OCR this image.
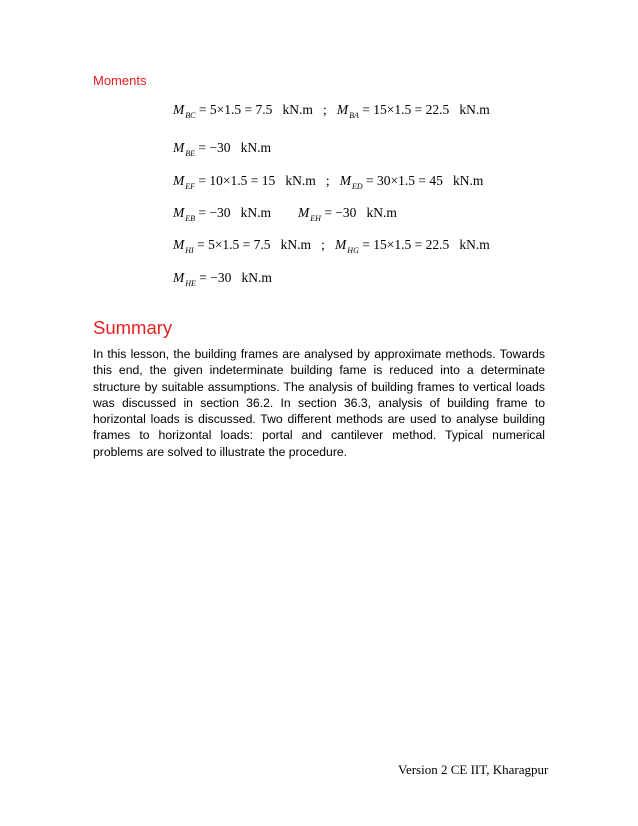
Moments
$M_{BC} = 5\times 1.5 = 7.5$   kN.m   ;   $M_{BA} = 15\times 1.5 = 22.5$   kN.m
$M_{BE} = -30$   kN.m
$M_{EF} = 10\times 1.5 = 15$   kN.m   ;   $M_{ED} = 30\times 1.5 = 45$   kN.m
$M_{EB} = -30$   kN.m        $M_{EH} = -30$   kN.m
$M_{HI} = 5\times 1.5 = 7.5$   kN.m   ;   $M_{HG} = 15\times 1.5 = 22.5$   kN.m
$M_{HE} = -30$   kN.m
Summary

In this lesson, the building frames are analysed by approximate methods. Towards this end, the given indeterminate building fame is reduced into a determinate structure by suitable assumptions. The analysis of building frames to vertical loads was discussed in section 36.2. In section 36.3, analysis of building frame to horizontal loads is discussed. Two different methods are used to analyse building frames to horizontal loads: portal and cantilever method. Typical numerical problems are solved to illustrate the procedure.

Version 2 CE IIT, Kharagpur
